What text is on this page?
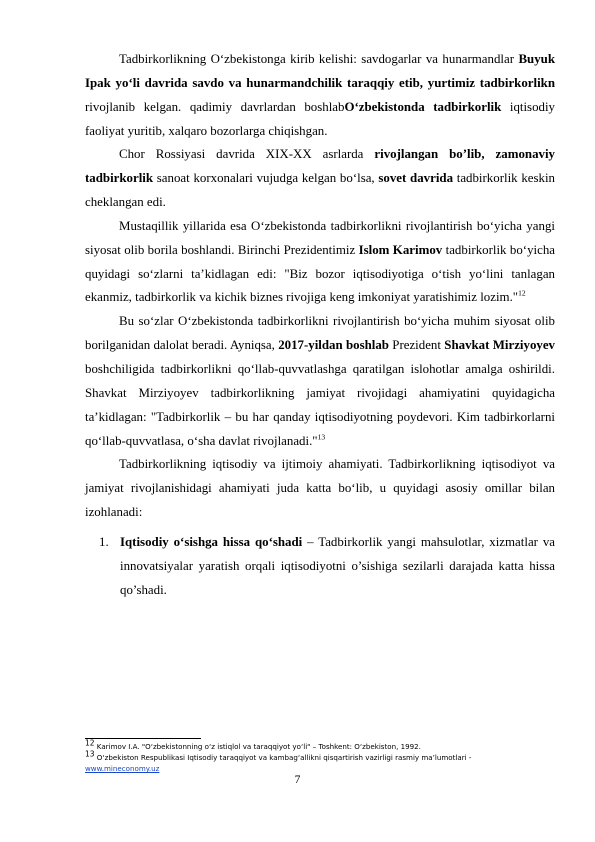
Tadbirkorlikning O‘zbekistonga kirib kelishi: savdogarlar va hunarmandlar Buyuk Ipak yo‘li davrida savdo va hunarmandchilik taraqqiy etib, yurtimiz tadbirkorlikn rivojlanib kelgan. qadimiy davrlardan boshlabO‘zbekistonda tadbirkorlik iqtisodiy faoliyat yuritib, xalqaro bozorlarga chiqishgan.

Chor Rossiyasi davrida XIX-XX asrlarda rivojlangan bo’lib, zamonaviy tadbirkorlik sanoat korxonalari vujudga kelgan bo‘lsa, sovet davrida tadbirkorlik keskin cheklangan edi.

Mustaqillik yillarida esa O‘zbekistonda tadbirkorlikni rivojlantirish bo‘yicha yangi siyosat olib borila boshlandi. Birinchi Prezidentimiz Islom Karimov tadbirkorlik bo‘yicha quyidagi so‘zlarni ta’kidlagan edi: "Biz bozor iqtisodiyotiga o‘tish yo‘lini tanlagan ekanmiz, tadbirkorlik va kichik biznes rivojiga keng imkoniyat yaratishimiz lozim."$^{12}$

Bu so‘zlar O‘zbekistonda tadbirkorlikni rivojlantirish bo‘yicha muhim siyosat olib borilganidan dalolat beradi. Ayniqsa, 2017-yildan boshlab Prezident Shavkat Mirziyoyev boshchiligida tadbirkorlikni qo‘llab-quvvatlashga qaratilgan islohotlar amalga oshirildi. Shavkat Mirziyoyev tadbirkorlikning jamiyat rivojidagi ahamiyatini quyidagicha ta’kidlagan: "Tadbirkorlik – bu har qanday iqtisodiyotning poydevori. Kim tadbirkorlarni qo‘llab-quvvatlasa, o‘sha davlat rivojlanadi."$^{13}$

Tadbirkorlikning iqtisodiy va ijtimoiy ahamiyati. Tadbirkorlikning iqtisodiyot va jamiyat rivojlanishidagi ahamiyati juda katta bo‘lib, u quyidagi asosiy omillar bilan izohlanadi:

1. Iqtisodiy o‘sishga hissa qo‘shadi – Tadbirkorlik yangi mahsulotlar, xizmatlar va innovatsiyalar yaratish orqali iqtisodiyotni o’sishiga sezilarli darajada katta hissa qo’shadi.

$^{12}$ Karimov I.A. "O‘zbekistonning o‘z istiqlol va taraqqiyot yo‘li" – Toshkent: O‘zbekiston, 1992.

$^{13}$ O‘zbekiston Respublikasi Iqtisodiy taraqqiyot va kambag‘allikni qisqartirish vazirligi rasmiy ma’lumotlari -
www.mineconomy.uz

7
